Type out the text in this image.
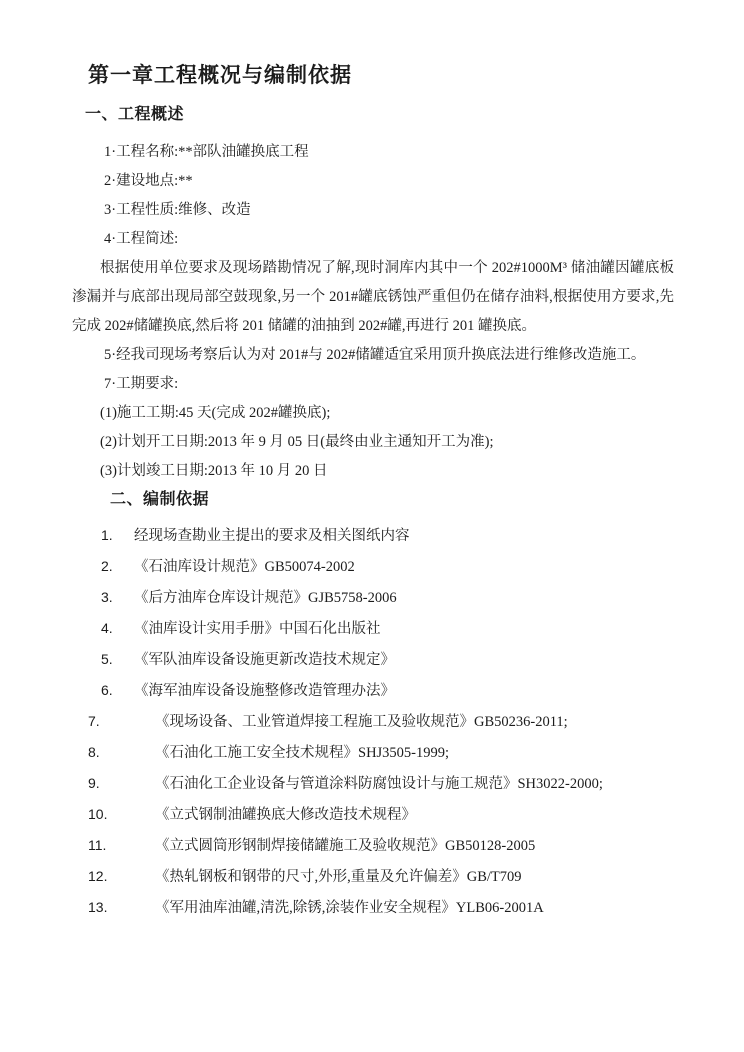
第一章工程概况与编制依据
一、工程概述
1·工程名称:**部队油罐换底工程
2·建设地点:**
3·工程性质:维修、改造
4·工程简述:

根据使用单位要求及现场踏勘情况了解,现时洞库内其中一个 202#1000M³ 储油罐因罐底板渗漏并与底部出现局部空鼓现象,另一个 201#罐底锈蚀严重但仍在储存油料,根据使用方要求,先完成 202#储罐换底,然后将 201 储罐的油抽到 202#罐,再进行 201 罐换底。

5·经我司现场考察后认为对 201#与 202#储罐适宜采用顶升换底法进行维修改造施工。

7·工期要求:
(1)施工工期:45 天(完成 202#罐换底);
(2)计划开工日期:2013 年 9 月 05 日(最终由业主通知开工为准);
(3)计划竣工日期:2013 年 10 月 20 日
二、编制依据
1.	经现场查勘业主提出的要求及相关图纸内容
2.	《石油库设计规范》GB50074-2002
3.	《后方油库仓库设计规范》GJB5758-2006
4.	《油库设计实用手册》中国石化出版社
5.	《军队油库设备设施更新改造技术规定》
6.	《海军油库设备设施整修改造管理办法》
7.	《现场设备、工业管道焊接工程施工及验收规范》GB50236-2011;
8.	《石油化工施工安全技术规程》SHJ3505-1999;
9.	《石油化工企业设备与管道涂料防腐蚀设计与施工规范》SH3022-2000;
10.	《立式钢制油罐换底大修改造技术规程》
11.	《立式圆筒形钢制焊接储罐施工及验收规范》GB50128-2005
12.	《热轧钢板和钢带的尺寸,外形,重量及允许偏差》GB/T709
13.	《军用油库油罐,清洗,除锈,涂装作业安全规程》YLB06-2001A
